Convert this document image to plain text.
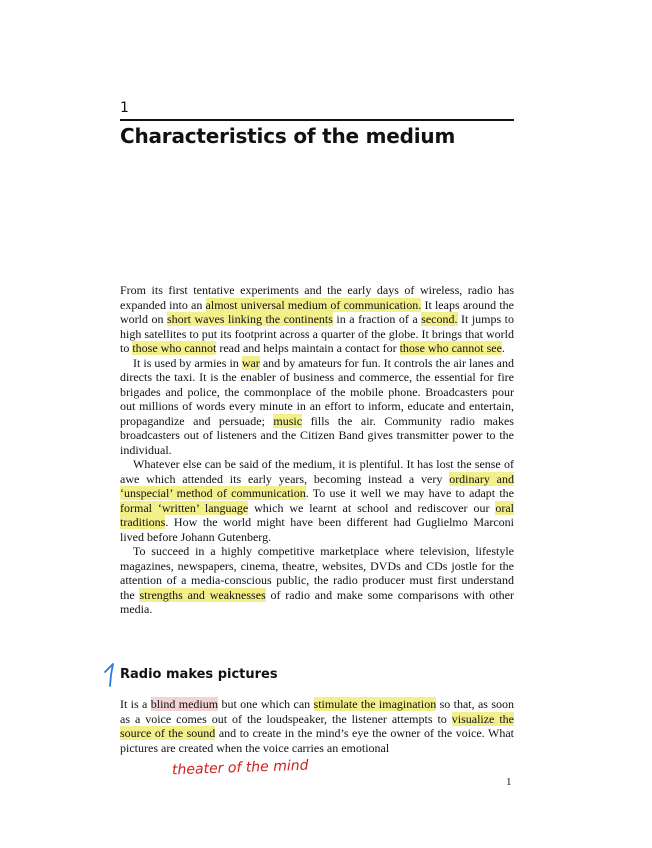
1
Characteristics of the medium

From its first tentative experiments and the early days of wireless, radio has expanded into an almost universal medium of communication. It leaps around the world on short waves linking the continents in a fraction of a second. It jumps to high satellites to put its footprint across a quarter of the globe. It brings that world to those who cannot read and helps maintain a contact for those who cannot see.

It is used by armies in war and by amateurs for fun. It controls the air lanes and directs the taxi. It is the enabler of business and commerce, the essential for fire brigades and police, the commonplace of the mobile phone. Broadcasters pour out millions of words every minute in an effort to inform, educate and entertain, propagandize and persuade; music fills the air. Community radio makes broadcasters out of listeners and the Citizen Band gives transmitter power to the individual.

Whatever else can be said of the medium, it is plentiful. It has lost the sense of awe which attended its early years, becoming instead a very ordinary and ‘unspecial’ method of communication. To use it well we may have to adapt the formal ‘written’ language which we learnt at school and rediscover our oral traditions. How the world might have been different had Guglielmo Marconi lived before Johann Gutenberg.

To succeed in a highly competitive marketplace where television, lifestyle magazines, newspapers, cinema, theatre, websites, DVDs and CDs jostle for the attention of a media-conscious public, the radio producer must first understand the strengths and weaknesses of radio and make some comparisons with other media.

Radio makes pictures

It is a blind medium but one which can stimulate the imagination so that, as soon as a voice comes out of the loudspeaker, the listener attempts to visualize the source of the sound and to create in the mind’s eye the owner of the voice. What pictures are created when the voice carries an emotional

theater of the mind
1
